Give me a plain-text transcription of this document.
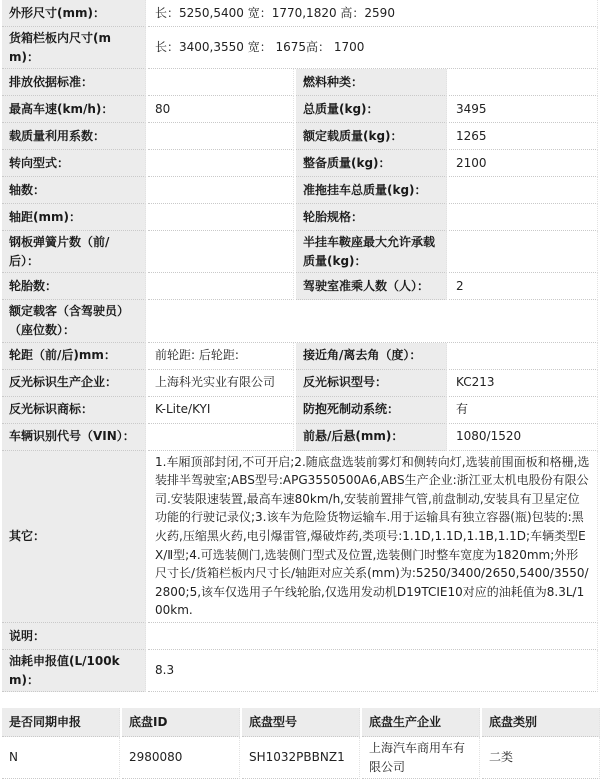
外形尺寸(mm)：	长：5250,5400 宽：1770,1820 高：2590		
货箱栏板内尺寸(mm)：	长：3400,3550 宽： 1675高： 1700		
排放依据标准：		燃料种类：	
最高车速(km/h)：	80	总质量(kg)：	3495
载质量利用系数：		额定载质量(kg)：	1265
转向型式：		整备质量(kg)：	2100
轴数：		准拖挂车总质量(kg)：	
轴距(mm)：		轮胎规格：	
钢板弹簧片数（前/后）：		半挂车鞍座最大允许承载质量(kg)：	
轮胎数：		驾驶室准乘人数（人）：	2
额定载客（含驾驶员）（座位数）：			
轮距（前/后)mm：	前轮距: 后轮距:	接近角/离去角（度）：	
反光标识生产企业：	上海科光实业有限公司	反光标识型号：	KC213
反光标识商标：	K-Lite/KYI	防抱死制动系统：	有
车辆识别代号（VIN）：		前悬/后悬(mm)：	1080/1520
其它：	1.车厢顶部封闭,不可开启;2.随底盘选装前雾灯和侧转向灯,选装前围面板和格栅,选装排半驾驶室;ABS型号:APG3550500A6,ABS生产企业:浙江亚太机电股份有限公司.安装限速装置,最高车速80km/h,安装前置排气管,前盘制动,安装具有卫星定位功能的行驶记录仪;3.该车为危险货物运输车.用于运输具有独立容器(瓶)包装的:黑火药,压缩黑火药,电引爆雷管,爆破炸药,类项号:1.1D,1.1D,1.1B,1.1D;车辆类型EX/Ⅱ型;4.可选装侧门,选装侧门型式及位置,选装侧门时整车宽度为1820mm;外形尺寸长/货箱栏板内尺寸长/轴距对应关系(mm)为:5250/3400/2650,5400/3550/2800;5,该车仅选用子午线轮胎,仅选用发动机D19TCIE10对应的油耗值为8.3L/100km.		
说明：			
油耗申报值(L/100km)：	8.3		
是否同期申报	底盘ID	底盘型号	底盘生产企业	底盘类别
N	2980080	SH1032PBBNZ1	上海汽车商用车有限公司	二类
